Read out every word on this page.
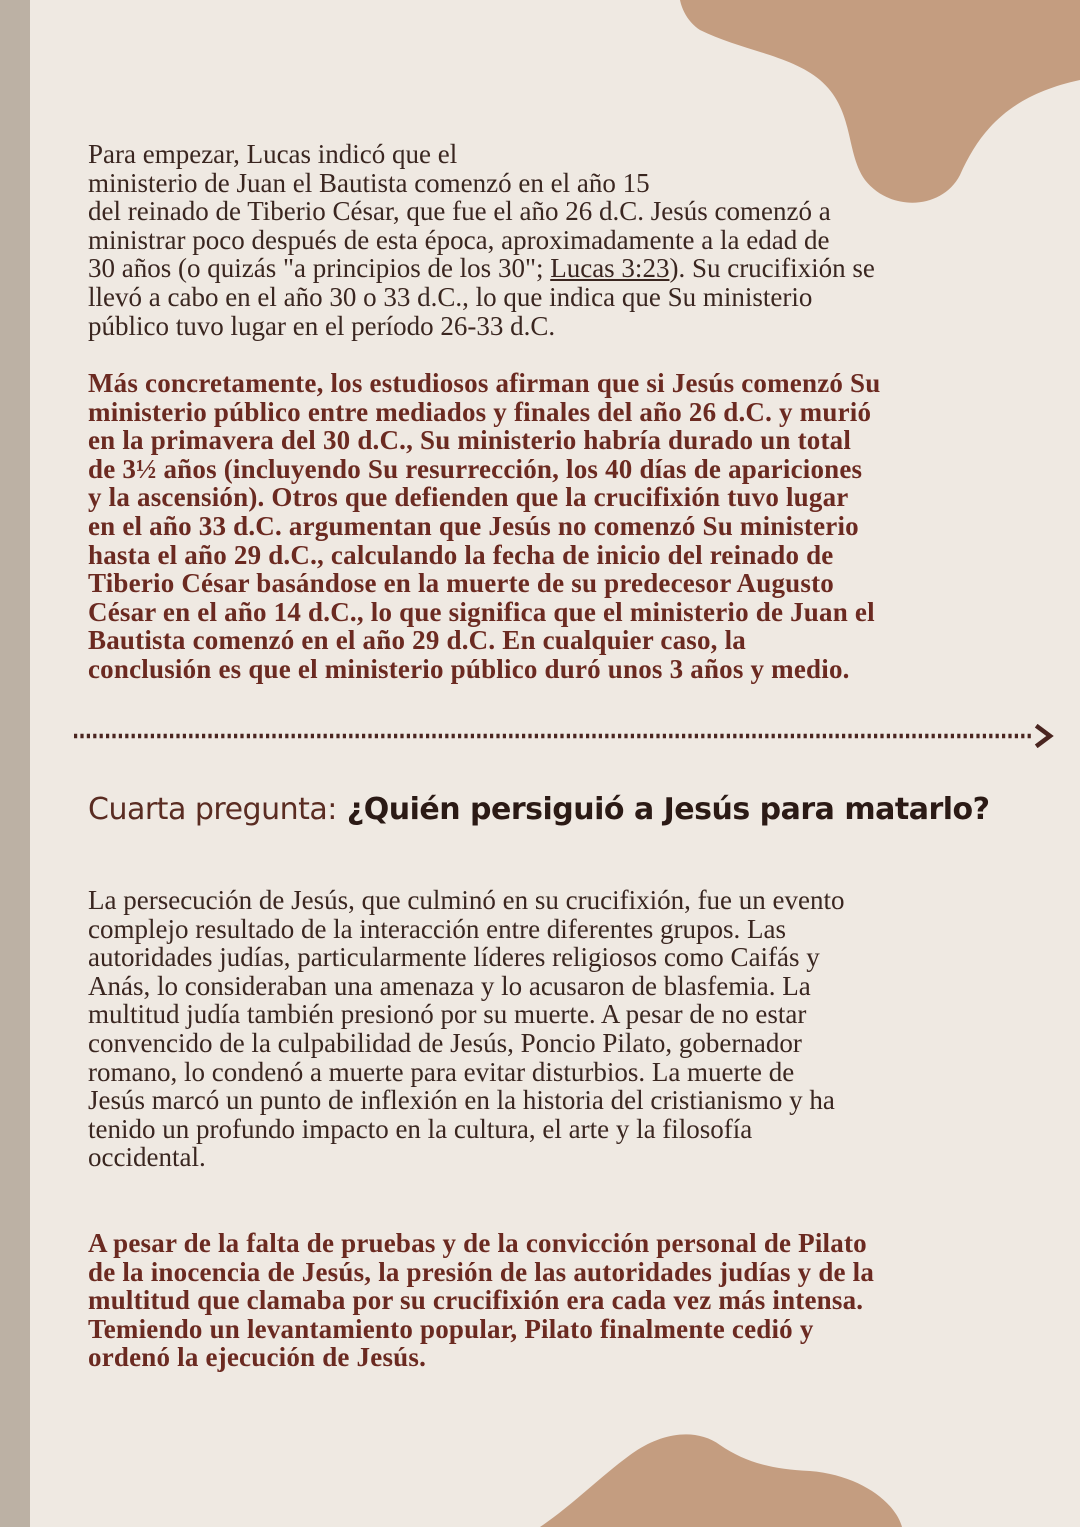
Para empezar, Lucas indicó que el
ministerio de Juan el Bautista comenzó en el año 15
del reinado de Tiberio César, que fue el año 26 d.C. Jesús comenzó a
ministrar poco después de esta época, aproximadamente a la edad de
30 años (o quizás "a principios de los 30"; Lucas 3:23). Su crucifixión se
llevó a cabo en el año 30 o 33 d.C., lo que indica que Su ministerio
público tuvo lugar en el período 26-33 d.C.

Más concretamente, los estudiosos afirman que si Jesús comenzó Su
ministerio público entre mediados y finales del año 26 d.C. y murió
en la primavera del 30 d.C., Su ministerio habría durado un total
de 3½ años (incluyendo Su resurrección, los 40 días de apariciones
y la ascensión). Otros que defienden que la crucifixión tuvo lugar
en el año 33 d.C. argumentan que Jesús no comenzó Su ministerio
hasta el año 29 d.C., calculando la fecha de inicio del reinado de
Tiberio César basándose en la muerte de su predecesor Augusto
César en el año 14 d.C., lo que significa que el ministerio de Juan el
Bautista comenzó en el año 29 d.C. En cualquier caso, la
conclusión es que el ministerio público duró unos 3 años y medio.

Cuarta pregunta: ¿Quién persiguió a Jesús para matarlo?

La persecución de Jesús, que culminó en su crucifixión, fue un evento
complejo resultado de la interacción entre diferentes grupos. Las
autoridades judías, particularmente líderes religiosos como Caifás y
Anás, lo consideraban una amenaza y lo acusaron de blasfemia. La
multitud judía también presionó por su muerte. A pesar de no estar
convencido de la culpabilidad de Jesús, Poncio Pilato, gobernador
romano, lo condenó a muerte para evitar disturbios. La muerte de
Jesús marcó un punto de inflexión en la historia del cristianismo y ha
tenido un profundo impacto en la cultura, el arte y la filosofía
occidental.

A pesar de la falta de pruebas y de la convicción personal de Pilato
de la inocencia de Jesús, la presión de las autoridades judías y de la
multitud que clamaba por su crucifixión era cada vez más intensa.
Temiendo un levantamiento popular, Pilato finalmente cedió y
ordenó la ejecución de Jesús.
